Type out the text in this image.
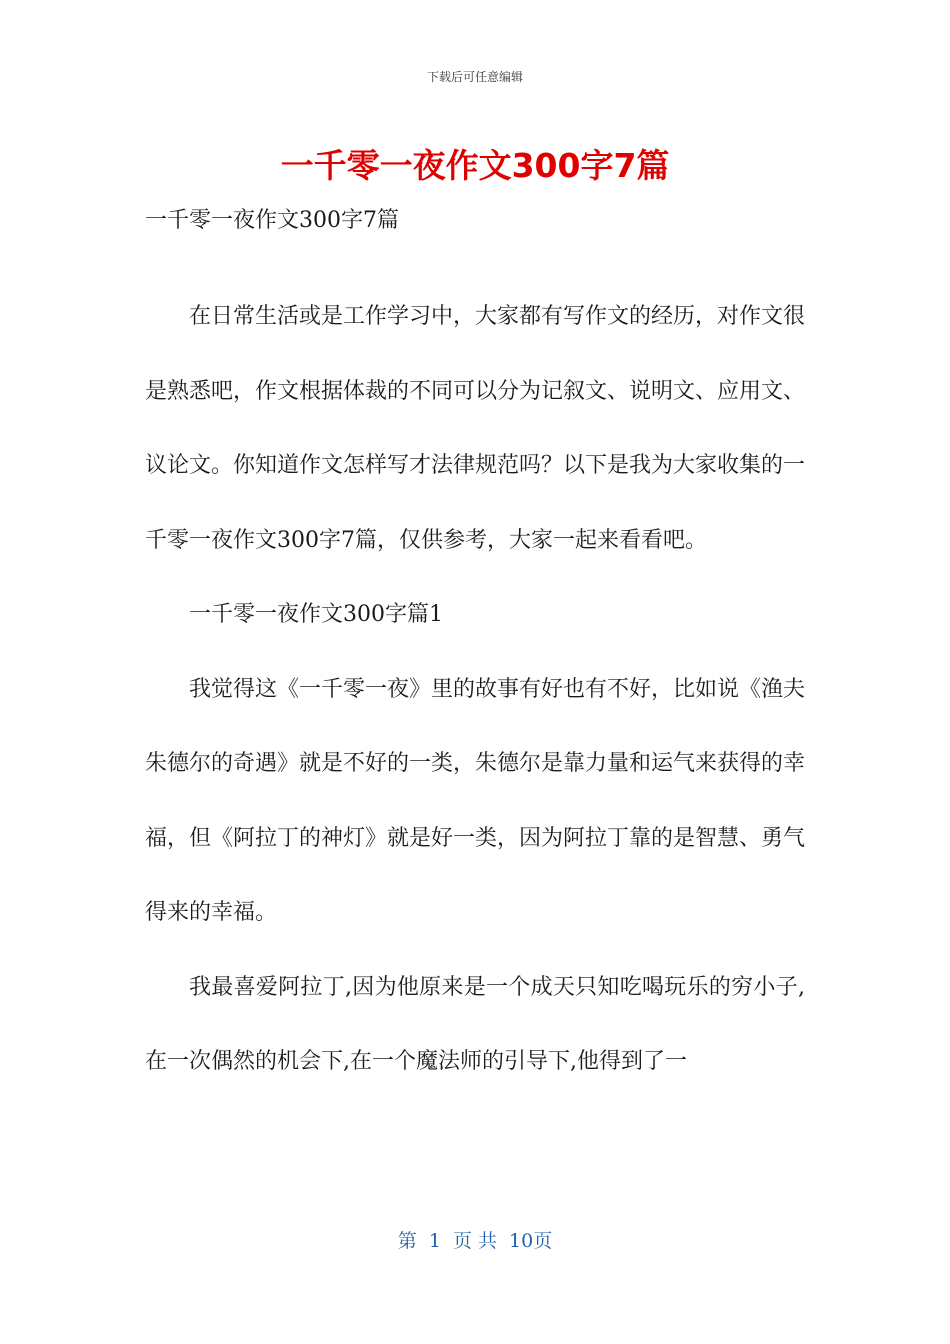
下载后可任意编辑
一千零一夜作文300字7篇

一千零一夜作文300字7篇

在日常生活或是工作学习中，大家都有写作文的经历，对作文很是熟悉吧，作文根据体裁的不同可以分为记叙文、说明文、应用文、议论文。你知道作文怎样写才法律规范吗？以下是我为大家收集的一千零一夜作文300字7篇，仅供参考，大家一起来看看吧。

一千零一夜作文300字篇1

我觉得这《一千零一夜》里的故事有好也有不好，比如说《渔夫朱德尔的奇遇》就是不好的一类，朱德尔是靠力量和运气来获得的幸福，但《阿拉丁的神灯》就是好一类，因为阿拉丁靠的是智慧、勇气得来的幸福。

我最喜爱阿拉丁,因为他原来是一个成天只知吃喝玩乐的穷小子,在一次偶然的机会下,在一个魔法师的引导下,他得到了一

第 1 页 共 10页
